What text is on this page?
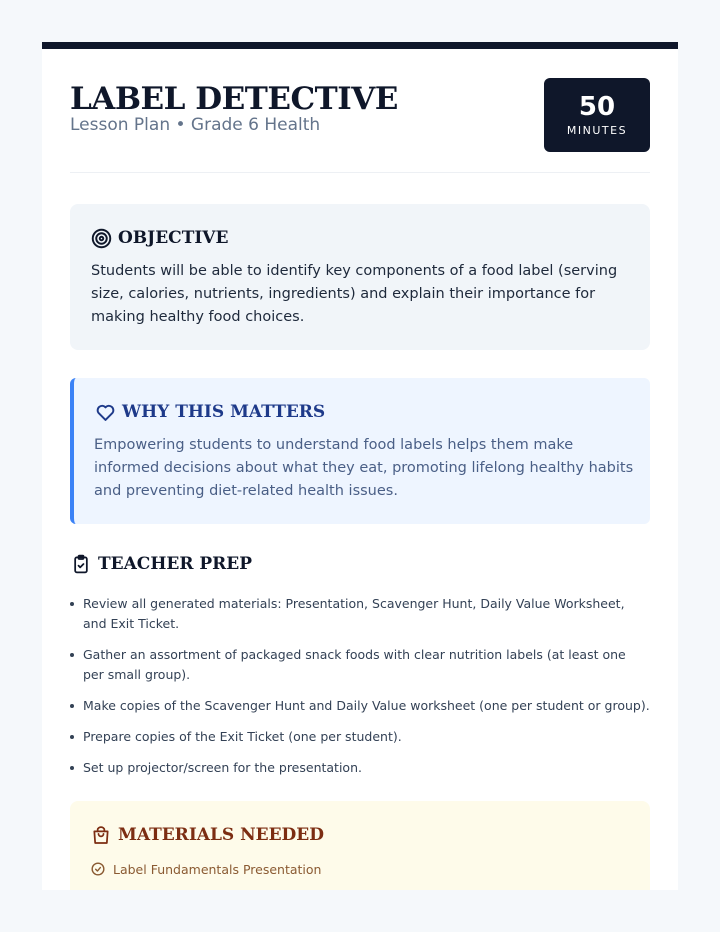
LABEL DETECTIVE
Lesson Plan • Grade 6 Health
50
MINUTES
OBJECTIVE

Students will be able to identify key components of a food label (serving size, calories, nutrients, ingredients) and explain their importance for making healthy food choices.

WHY THIS MATTERS

Empowering students to understand food labels helps them make informed decisions about what they eat, promoting lifelong healthy habits and preventing diet-related health issues.

TEACHER PREP
Review all generated materials: Presentation, Scavenger Hunt, Daily Value Worksheet, and Exit Ticket.
Gather an assortment of packaged snack foods with clear nutrition labels (at least one per small group).
Make copies of the Scavenger Hunt and Daily Value worksheet (one per student or group).
Prepare copies of the Exit Ticket (one per student).
Set up projector/screen for the presentation.
MATERIALS NEEDED
Label Fundamentals Presentation
